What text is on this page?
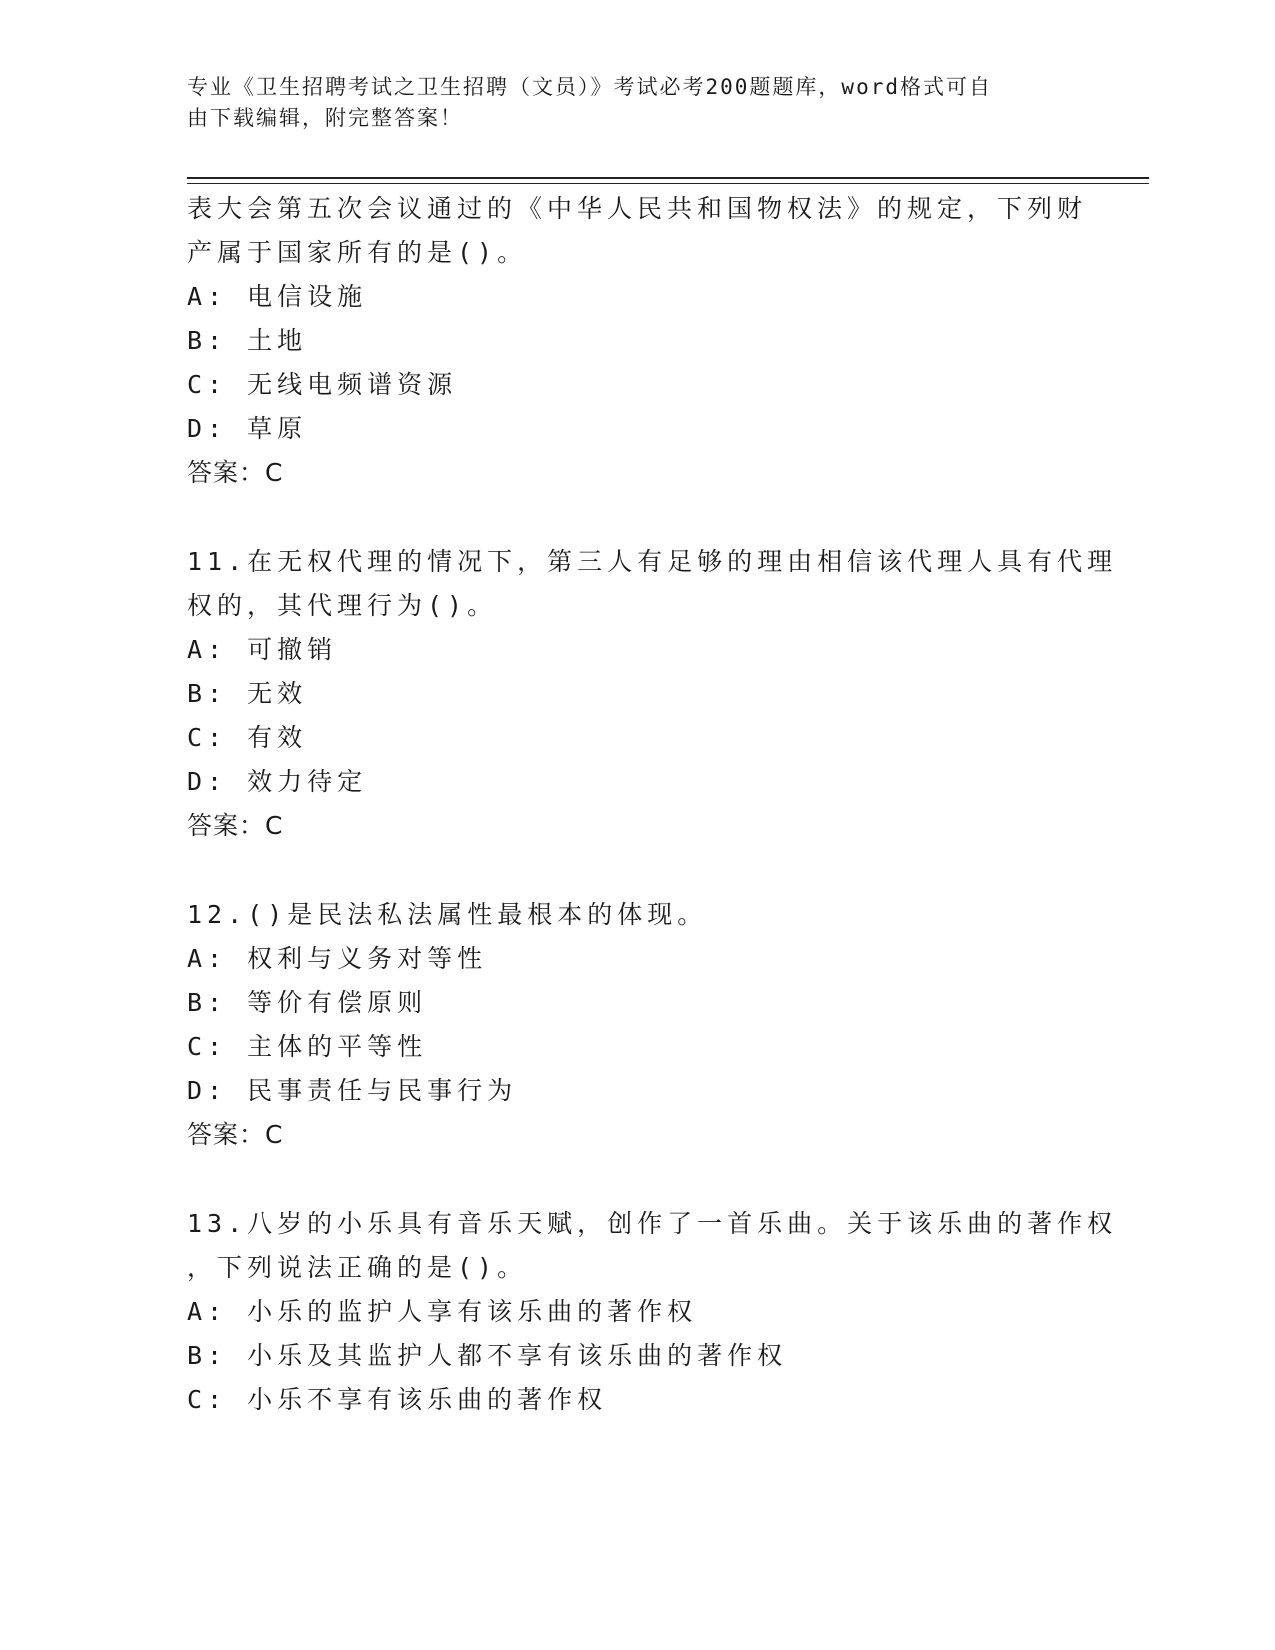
专业《卫生招聘考试之卫生招聘（文员）》考试必考200题题库，word格式可自
由下载编辑，附完整答案！
表大会第五次会议通过的《中华人民共和国物权法》的规定，下列财
产属于国家所有的是()。
A: 电信设施
B: 土地
C: 无线电频谱资源
D: 草原
答案：C
11.在无权代理的情况下，第三人有足够的理由相信该代理人具有代理
权的，其代理行为()。
A: 可撤销
B: 无效
C: 有效
D: 效力待定
答案：C
12.()是民法私法属性最根本的体现。
A: 权利与义务对等性
B: 等价有偿原则
C: 主体的平等性
D: 民事责任与民事行为
答案：C
13.八岁的小乐具有音乐天赋，创作了一首乐曲。关于该乐曲的著作权
，下列说法正确的是()。
A: 小乐的监护人享有该乐曲的著作权
B: 小乐及其监护人都不享有该乐曲的著作权
C: 小乐不享有该乐曲的著作权
